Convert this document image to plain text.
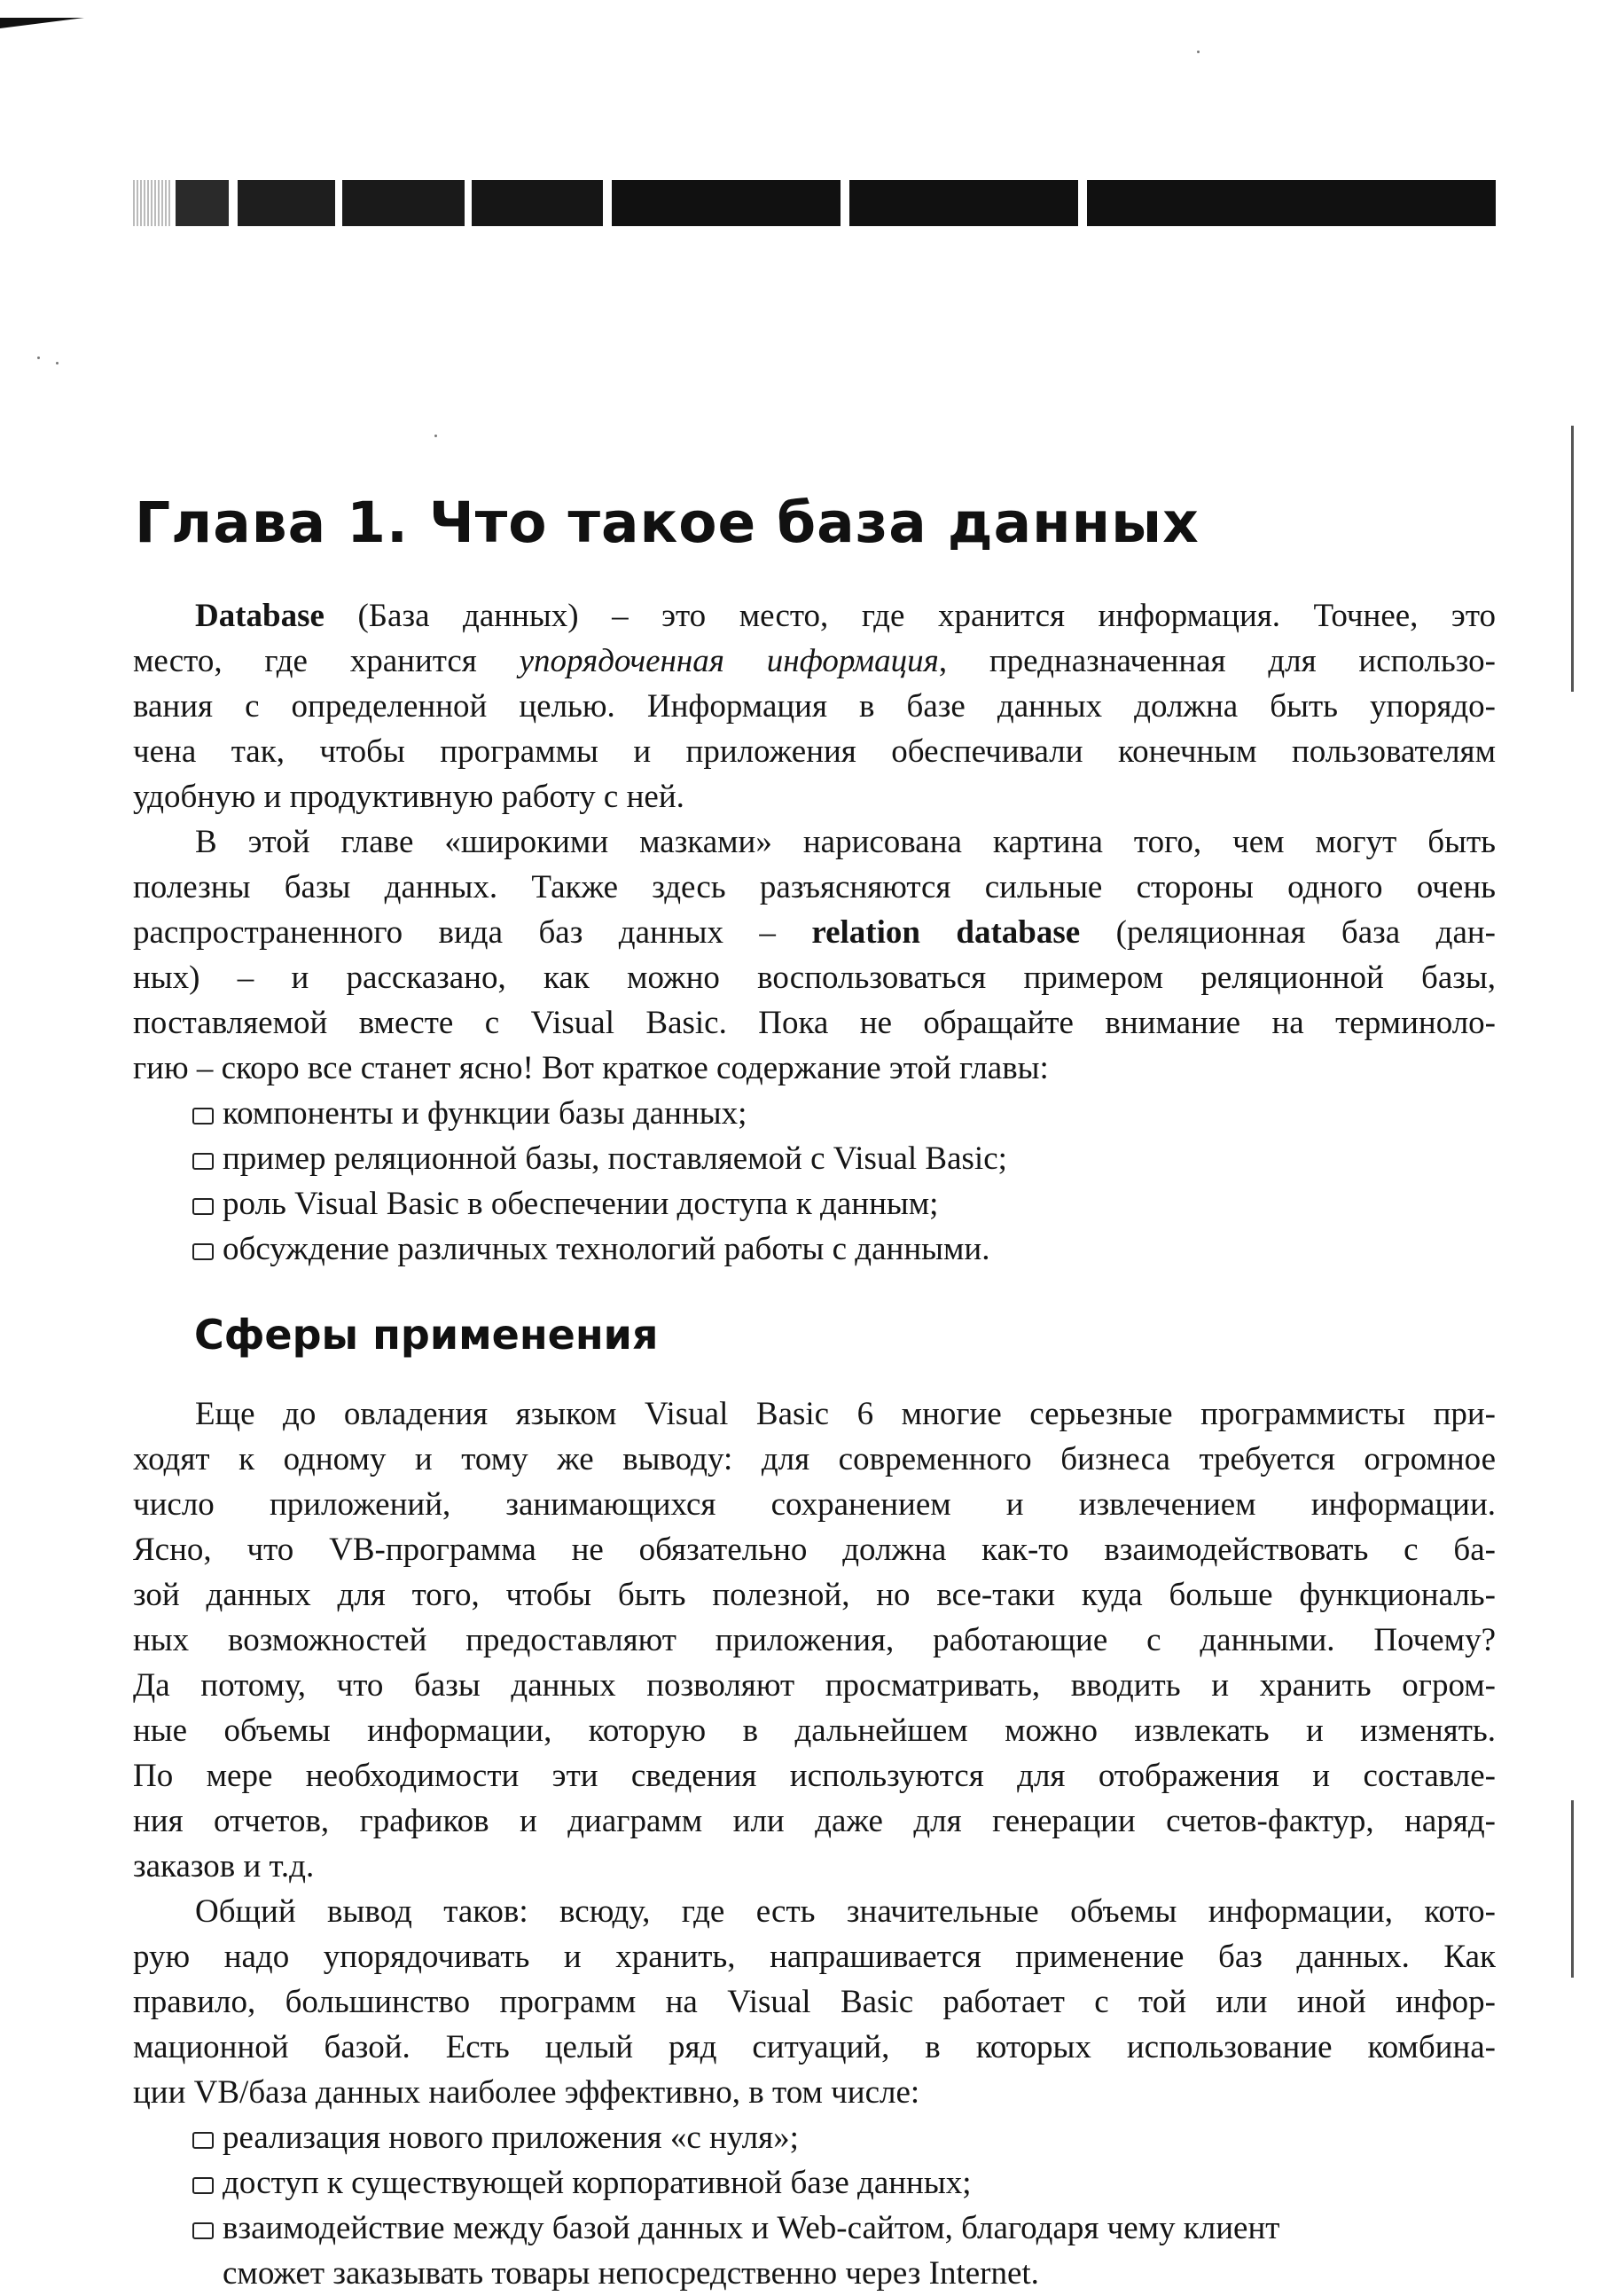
Глава 1. Что такое база данных
Database (База данных) – это место, где хранится информация. Точнее, это
место, где хранится упорядоченная информация, предназначенная для использо-
вания с определенной целью. Информация в базе данных должна быть упорядо-
чена так, чтобы программы и приложения обеспечивали конечным пользователям
удобную и продуктивную работу с ней.
В этой главе «широкими мазками» нарисована картина того, чем могут быть
полезны базы данных. Также здесь разъясняются сильные стороны одного очень
распространенного вида баз данных – relation database (реляционная база дан-
ных) – и рассказано, как можно воспользоваться примером реляционной базы,
поставляемой вместе с Visual Basic. Пока не обращайте внимание на терминоло-
гию – скоро все станет ясно! Вот краткое содержание этой главы:
компоненты и функции базы данных;
пример реляционной базы, поставляемой с Visual Basic;
роль Visual Basic в обеспечении доступа к данным;
обсуждение различных технологий работы с данными.
Сферы применения
Еще до овладения языком Visual Basic 6 многие серьезные программисты при-
ходят к одному и тому же выводу: для современного бизнеса требуется огромное
число приложений, занимающихся сохранением и извлечением информации.
Ясно, что VB-программа не обязательно должна как-то взаимодействовать с ба-
зой данных для того, чтобы быть полезной, но все-таки куда больше функциональ-
ных возможностей предоставляют приложения, работающие с данными. Почему?
Да потому, что базы данных позволяют просматривать, вводить и хранить огром-
ные объемы информации, которую в дальнейшем можно извлекать и изменять.
По мере необходимости эти сведения используются для отображения и составле-
ния отчетов, графиков и диаграмм или даже для генерации счетов-фактур, наряд-
заказов и т.д.
Общий вывод таков: всюду, где есть значительные объемы информации, кото-
рую надо упорядочивать и хранить, напрашивается применение баз данных. Как
правило, большинство программ на Visual Basic работает с той или иной инфор-
мационной базой. Есть целый ряд ситуаций, в которых использование комбина-
ции VB/база данных наиболее эффективно, в том числе:
реализация нового приложения «с нуля»;
доступ к существующей корпоративной базе данных;
взаимодействие между базой данных и Web-сайтом, благодаря чему клиент
сможет заказывать товары непосредственно через Internet.
